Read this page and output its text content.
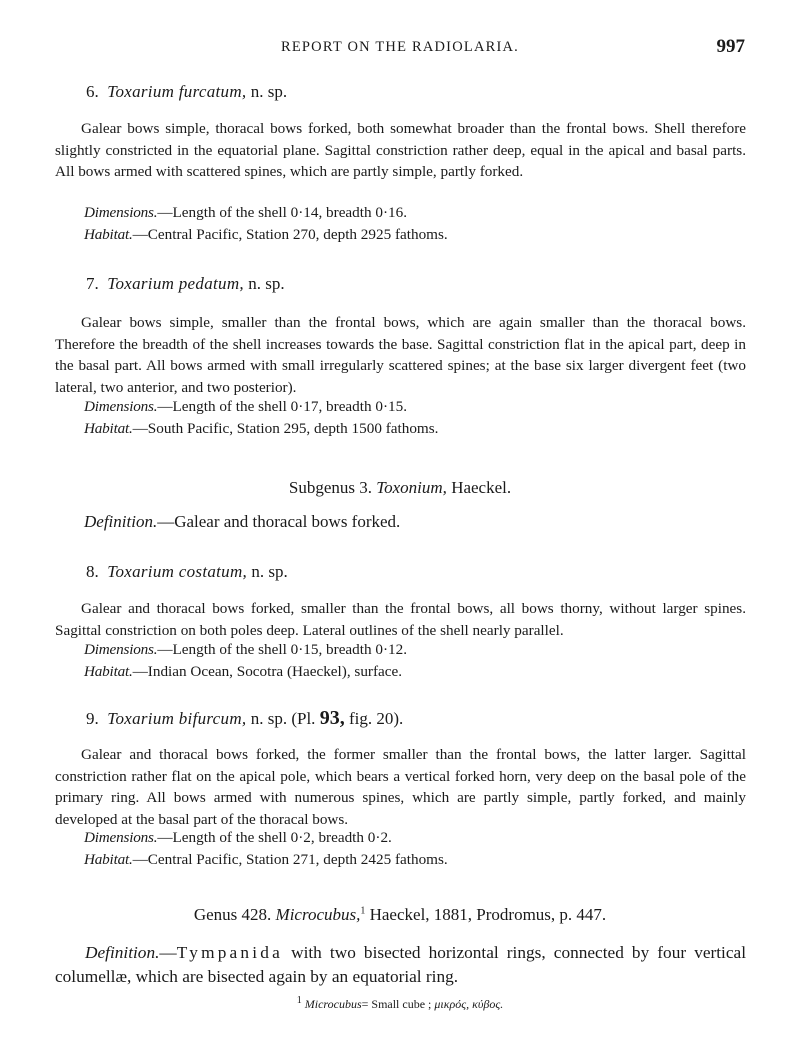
REPORT ON THE RADIOLARIA.	997
6. Toxarium furcatum, n. sp.

Galear bows simple, thoracal bows forked, both somewhat broader than the frontal bows. Shell therefore slightly constricted in the equatorial plane. Sagittal constriction rather deep, equal in the apical and basal parts. All bows armed with scattered spines, which are partly simple, partly forked.

Dimensions.—Length of the shell 0·14, breadth 0·16.
Habitat.—Central Pacific, Station 270, depth 2925 fathoms.
7. Toxarium pedatum, n. sp.

Galear bows simple, smaller than the frontal bows, which are again smaller than the thoracal bows. Therefore the breadth of the shell increases towards the base. Sagittal constriction flat in the apical part, deep in the basal part. All bows armed with small irregularly scattered spines; at the base six larger divergent feet (two lateral, two anterior, and two posterior).

Dimensions.—Length of the shell 0·17, breadth 0·15.
Habitat.—South Pacific, Station 295, depth 1500 fathoms.
Subgenus 3. Toxonium, Haeckel.
Definition.—Galear and thoracal bows forked.
8. Toxarium costatum, n. sp.

Galear and thoracal bows forked, smaller than the frontal bows, all bows thorny, without larger spines. Sagittal constriction on both poles deep. Lateral outlines of the shell nearly parallel.

Dimensions.—Length of the shell 0·15, breadth 0·12.
Habitat.—Indian Ocean, Socotra (Haeckel), surface.
9. Toxarium bifurcum, n. sp. (Pl. 93, fig. 20).

Galear and thoracal bows forked, the former smaller than the frontal bows, the latter larger. Sagittal constriction rather flat on the apical pole, which bears a vertical forked horn, very deep on the basal pole of the primary ring. All bows armed with numerous spines, which are partly simple, partly forked, and mainly developed at the basal part of the thoracal bows.

Dimensions.—Length of the shell 0·2, breadth 0·2.
Habitat.—Central Pacific, Station 271, depth 2425 fathoms.
Genus 428. Microcubus,$^1$ Haeckel, 1881, Prodromus, p. 447.

Definition.—Tympanida with two bisected horizontal rings, connected by four vertical columellæ, which are bisected again by an equatorial ring.

$^1$ Microcubus= Small cube ; μικρός, κύβος.
